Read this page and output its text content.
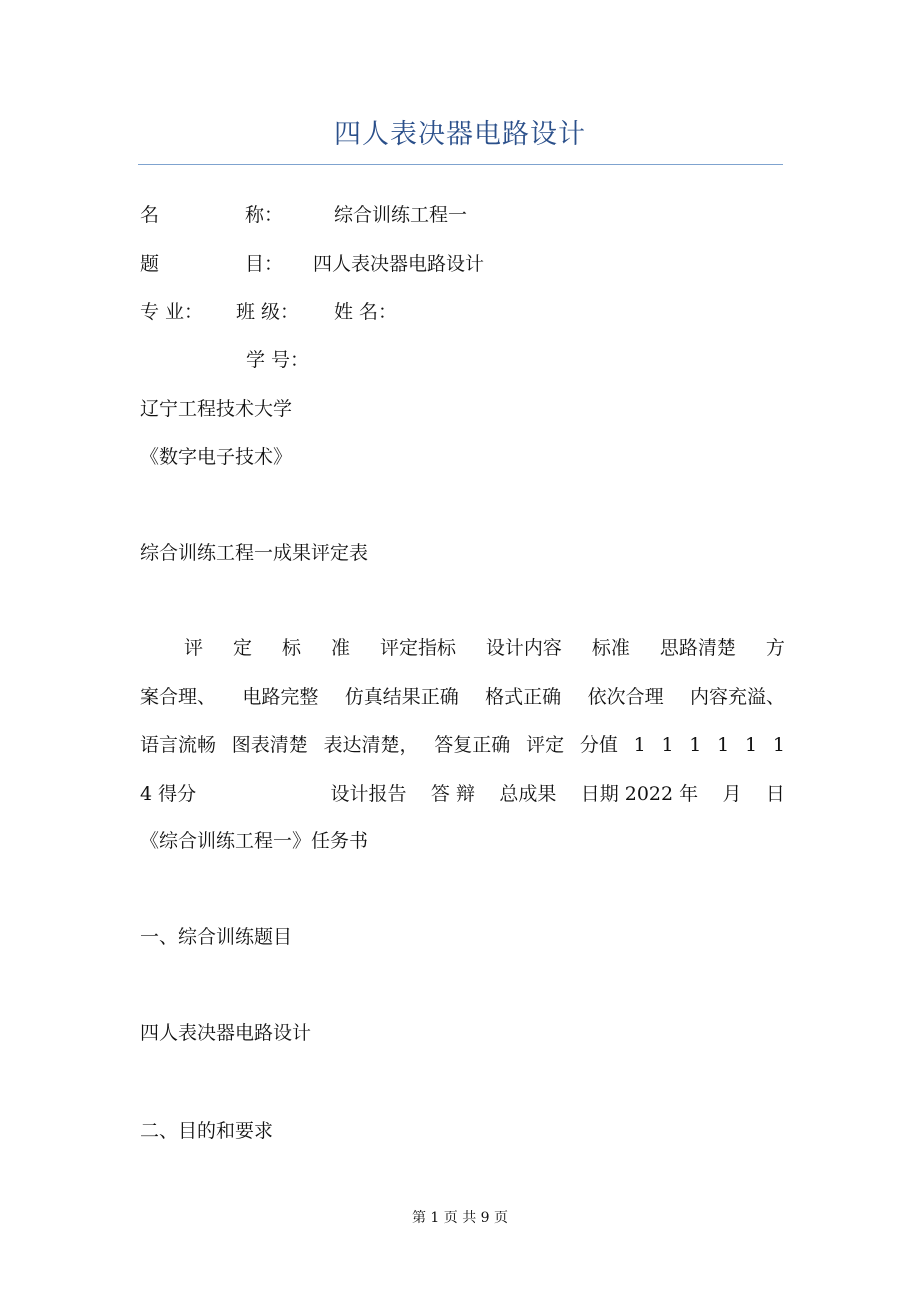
四人表决器电路设计
名	称：	综合训练工程一
题	目： 四人表决器电路设计
专 业： 班 级： 姓 名：
学 号：
辽宁工程技术大学
《数字电子技术》
综合训练工程一成果评定表
评 定 标 准 评定指标 设计内容 标准 思路清楚 方
案合理、 电路完整 仿真结果正确 格式正确 依次合理 内容充溢、
语言流畅 图表清楚 表达清楚， 答复正确 评定 分值 1 1 1 1 1 1
4 得分	设计报告 答 辩 总成果 日期 2022 年 月 日
《综合训练工程一》任务书
一、综合训练题目
四人表决器电路设计
二、目的和要求
第 1 页 共 9 页
